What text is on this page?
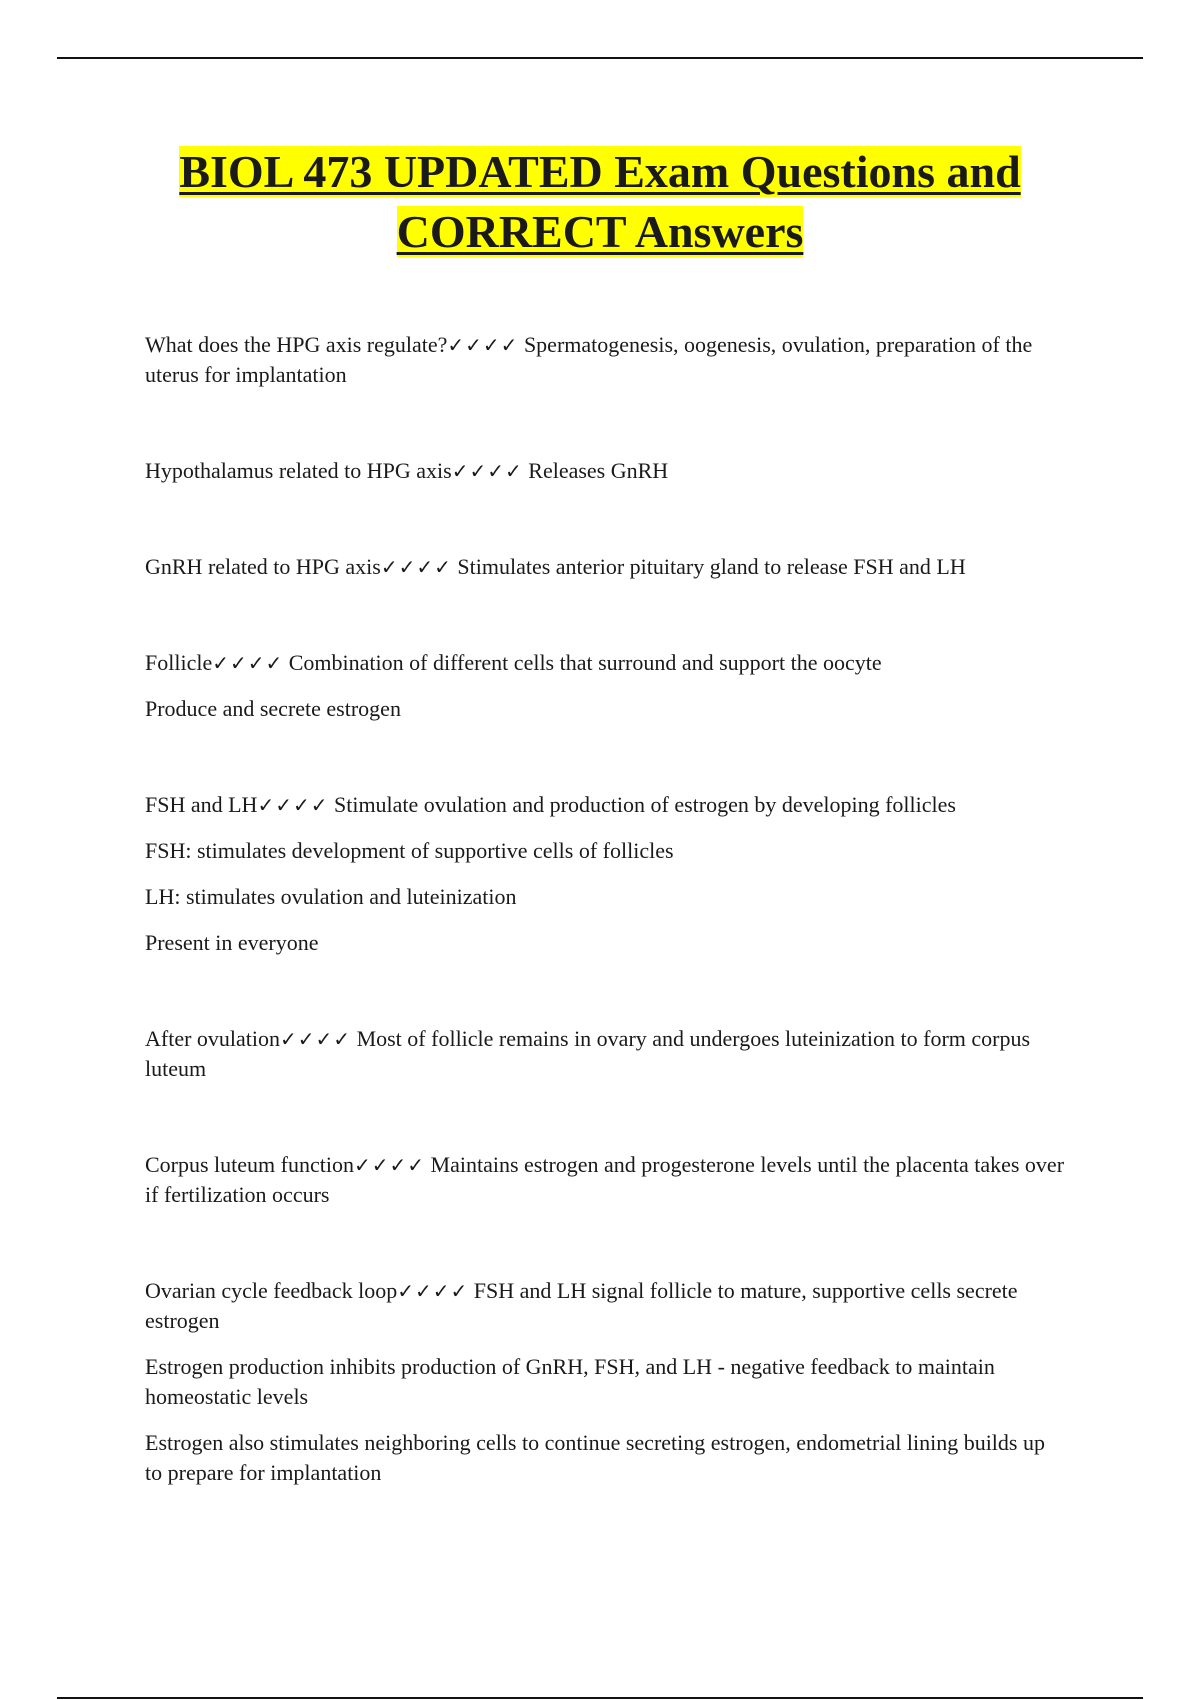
BIOL 473 UPDATED Exam Questions and CORRECT Answers

What does the HPG axis regulate?✓✓✓✓ Spermatogenesis, oogenesis, ovulation, preparation of the uterus for implantation

Hypothalamus related to HPG axis✓✓✓✓ Releases GnRH

GnRH related to HPG axis✓✓✓✓ Stimulates anterior pituitary gland to release FSH and LH

Follicle✓✓✓✓ Combination of different cells that surround and support the oocyte

Produce and secrete estrogen

FSH and LH✓✓✓✓ Stimulate ovulation and production of estrogen by developing follicles

FSH: stimulates development of supportive cells of follicles

LH: stimulates ovulation and luteinization

Present in everyone

After ovulation✓✓✓✓ Most of follicle remains in ovary and undergoes luteinization to form corpus luteum

Corpus luteum function✓✓✓✓ Maintains estrogen and progesterone levels until the placenta takes over if fertilization occurs

Ovarian cycle feedback loop✓✓✓✓ FSH and LH signal follicle to mature, supportive cells secrete estrogen

Estrogen production inhibits production of GnRH, FSH, and LH - negative feedback to maintain homeostatic levels

Estrogen also stimulates neighboring cells to continue secreting estrogen, endometrial lining builds up to prepare for implantation
